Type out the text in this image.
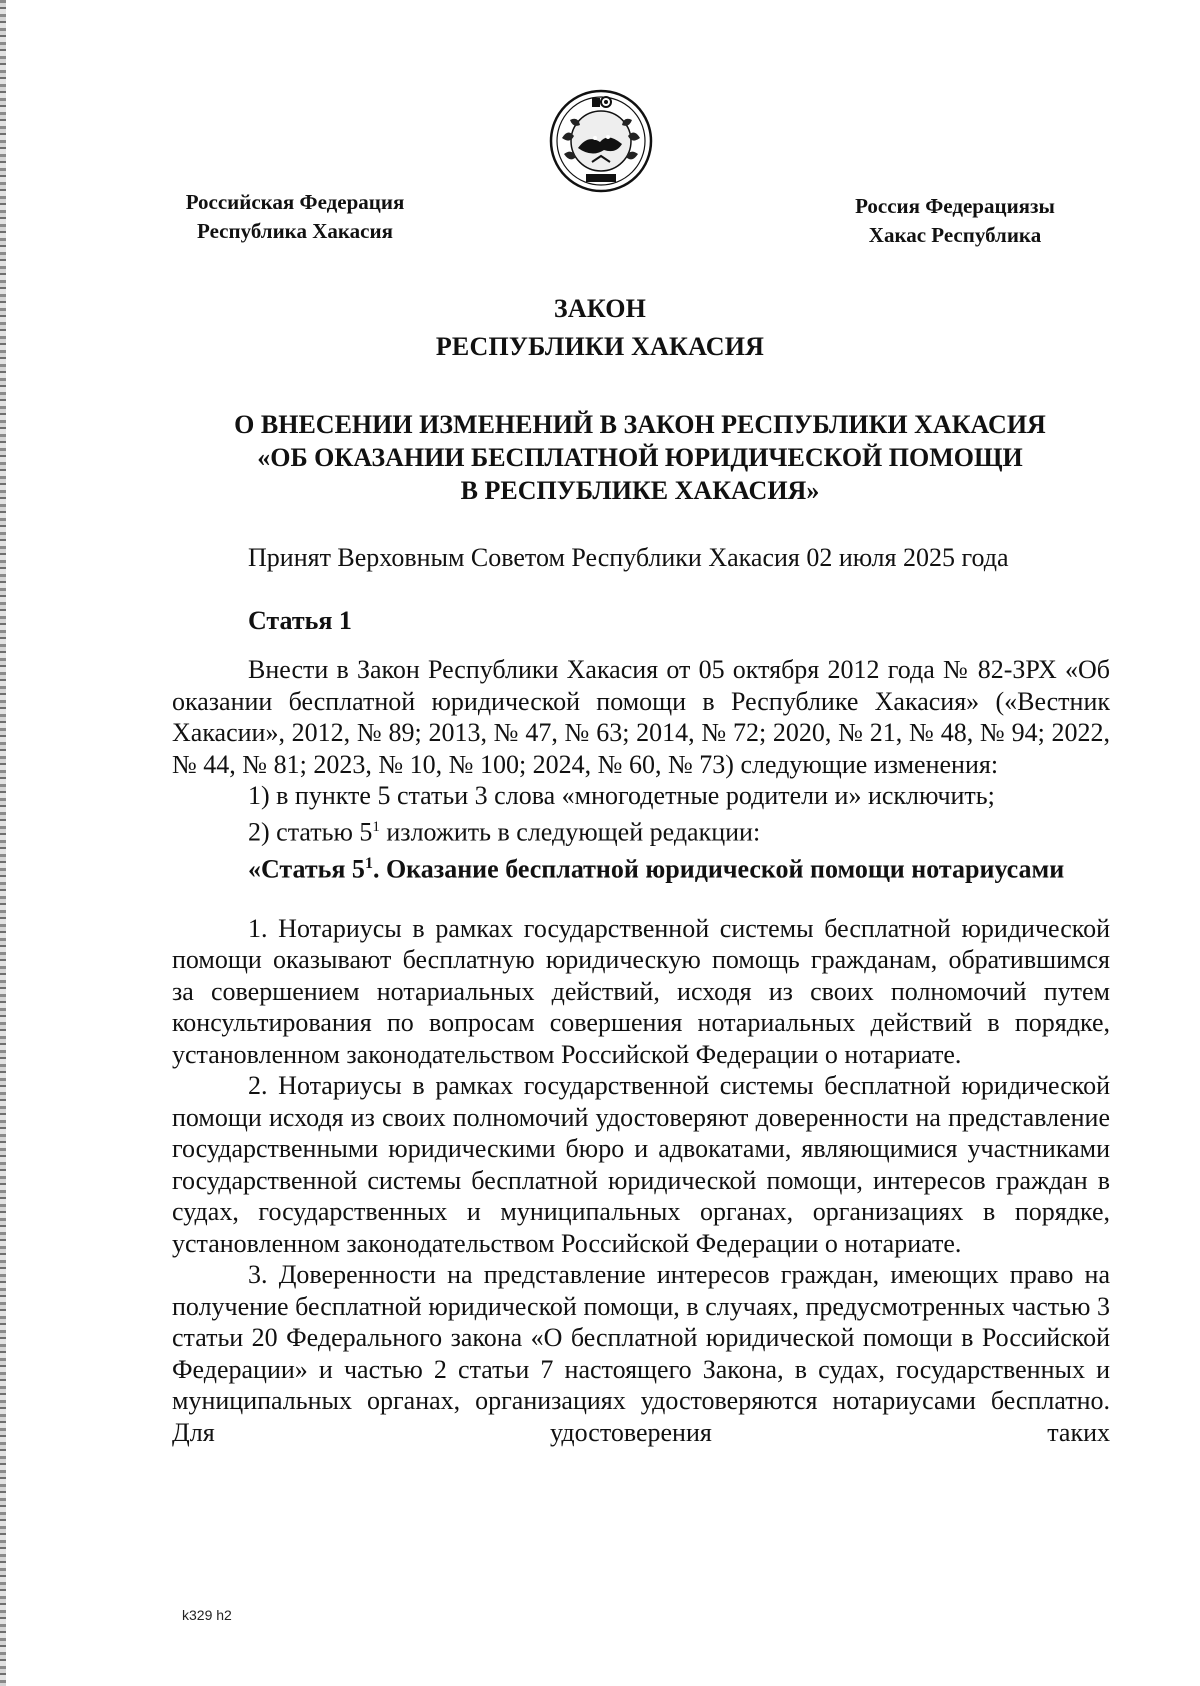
Российская Федерация
Республика Хакасия
Россия Федерациязы
Хакас Республика
ЗАКОН
РЕСПУБЛИКИ ХАКАСИЯ
О ВНЕСЕНИИ ИЗМЕНЕНИЙ В ЗАКОН РЕСПУБЛИКИ ХАКАСИЯ
«ОБ ОКАЗАНИИ БЕСПЛАТНОЙ ЮРИДИЧЕСКОЙ ПОМОЩИ
В РЕСПУБЛИКЕ ХАКАСИЯ»
Принят Верховным Советом Республики Хакасия 02 июля 2025 года
Статья 1

Внести в Закон Республики Хакасия от 05 октября 2012 года № 82-ЗРХ «Об оказании бесплатной юридической помощи в Республике Хакасия» («Вестник Хакасии», 2012, № 89; 2013, № 47, № 63; 2014, № 72; 2020, № 21, № 48, № 94; 2022, № 44, № 81; 2023, № 10, № 100; 2024, № 60, № 73) следующие изменения:

1) в пункте 5 статьи 3 слова «многодетные родители и» исключить;

2) статью $5^1$ изложить в следующей редакции:

«Статья $5^1$. Оказание бесплатной юридической помощи нотариусами

1. Нотариусы в рамках государственной системы бесплатной юридической помощи оказывают бесплатную юридическую помощь гражданам, обратившимся за совершением нотариальных действий, исходя из своих полномочий путем консультирования по вопросам совершения нотариальных действий в порядке, установленном законодательством Российской Федерации о нотариате.

2. Нотариусы в рамках государственной системы бесплатной юридической помощи исходя из своих полномочий удостоверяют доверенности на представление государственными юридическими бюро и адвокатами, являющимися участниками государственной системы бесплатной юридической помощи, интересов граждан в судах, государственных и муниципальных органах, организациях в порядке, установленном законодательством Российской Федерации о нотариате.

3. Доверенности на представление интересов граждан, имеющих право на получение бесплатной юридической помощи, в случаях, предусмотренных частью 3 статьи 20 Федерального закона «О бесплатной юридической помощи в Российской Федерации» и частью 2 статьи 7 настоящего Закона, в судах, государственных и муниципальных органах, организациях удостоверяются нотариусами бесплатно. Для удостоверения таких

k329 h2
